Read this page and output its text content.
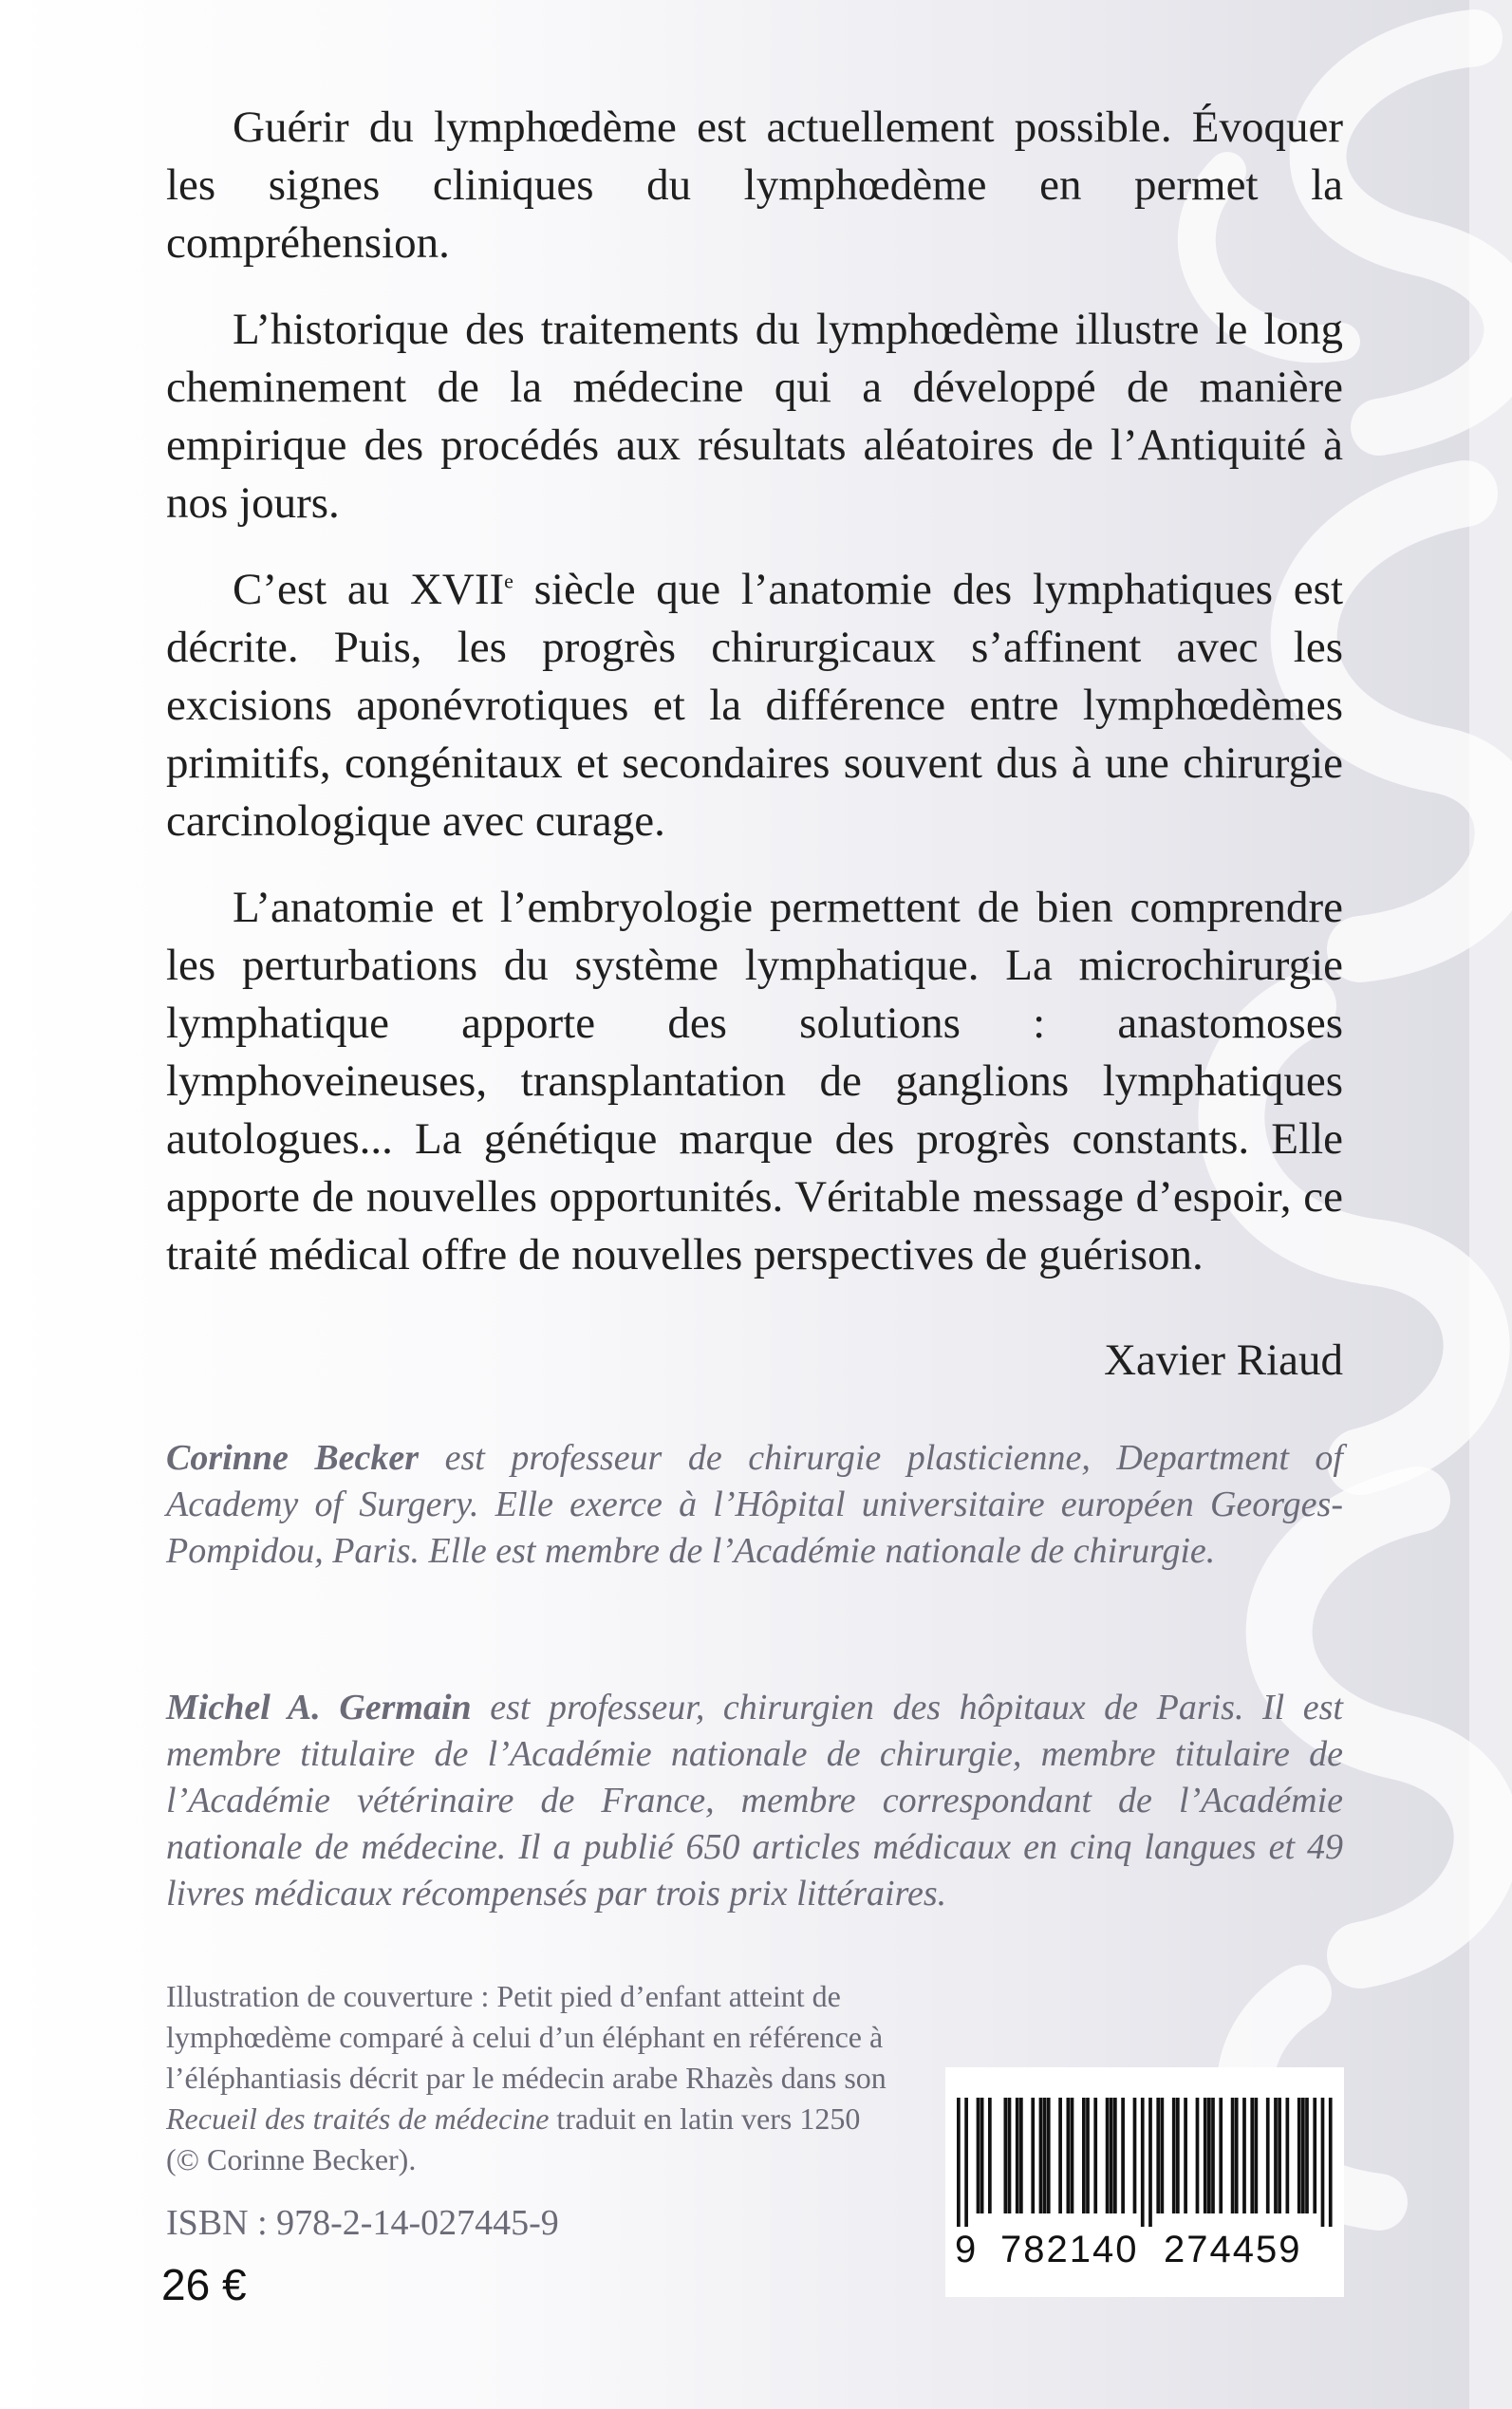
Guérir du lymphœdème est actuellement possible. Évoquer les signes cliniques du lymphœdème en permet la compréhension.

L’historique des traitements du lymphœdème illustre le long cheminement de la médecine qui a développé de manière empirique des procédés aux résultats aléatoires de l’Antiquité à nos jours.

C’est au XVIIe siècle que l’anatomie des lymphatiques est décrite. Puis, les progrès chirurgicaux s’affinent avec les excisions aponévrotiques et la différence entre lymphœdèmes primitifs, congénitaux et secondaires souvent dus à une chirurgie carcinologique avec curage.

L’anatomie et l’embryologie permettent de bien comprendre les perturbations du système lymphatique. La microchirurgie lymphatique apporte des solutions : anastomoses lymphoveineuses, transplantation de ganglions lymphatiques autologues... La génétique marque des progrès constants. Elle apporte de nouvelles opportunités. Véritable message d’espoir, ce traité médical offre de nouvelles perspectives de guérison.

Xavier Riaud

Corinne Becker est professeur de chirurgie plasticienne, Department of Academy of Surgery. Elle exerce à l’Hôpital universitaire européen Georges-Pompidou, Paris. Elle est membre de l’Académie nationale de chirurgie.

Michel A. Germain est professeur, chirurgien des hôpitaux de Paris. Il est membre titulaire de l’Académie nationale de chirurgie, membre titulaire de l’Académie vétérinaire de France, membre correspondant de l’Académie nationale de médecine. Il a publié 650 articles médicaux en cinq langues et 49 livres médicaux récompensés par trois prix littéraires.

Illustration de couverture : Petit pied d’enfant atteint de lymphœdème comparé à celui d’un éléphant en référence à l’éléphantiasis décrit par le médecin arabe Rhazès dans son Recueil des traités de médecine traduit en latin vers 1250 (© Corinne Becker).

ISBN : 978-2-14-027445-9
26 €
9 782140 274459
